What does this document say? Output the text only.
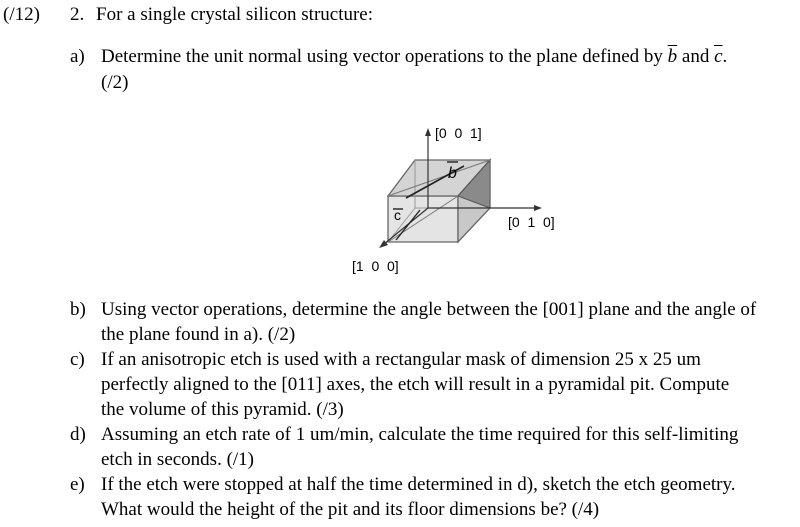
(/12) 2. For a single crystal silicon structure:
a) Determine the unit normal using vector operations to the plane defined by $\overline{b}$ and $\overline{c}$.
(/2)
[0  0  1]
[0  1  0]
[1  0  0]
b
c
b) Using vector operations, determine the angle between the [001] plane and the angle of
the plane found in a). (/2)
c) If an anisotropic etch is used with a rectangular mask of dimension 25 x 25 um
perfectly aligned to the [011] axes, the etch will result in a pyramidal pit. Compute
the volume of this pyramid. (/3)
d) Assuming an etch rate of 1 um/min, calculate the time required for this self-limiting
etch in seconds. (/1)
e) If the etch were stopped at half the time determined in d), sketch the etch geometry.
What would the height of the pit and its floor dimensions be? (/4)
